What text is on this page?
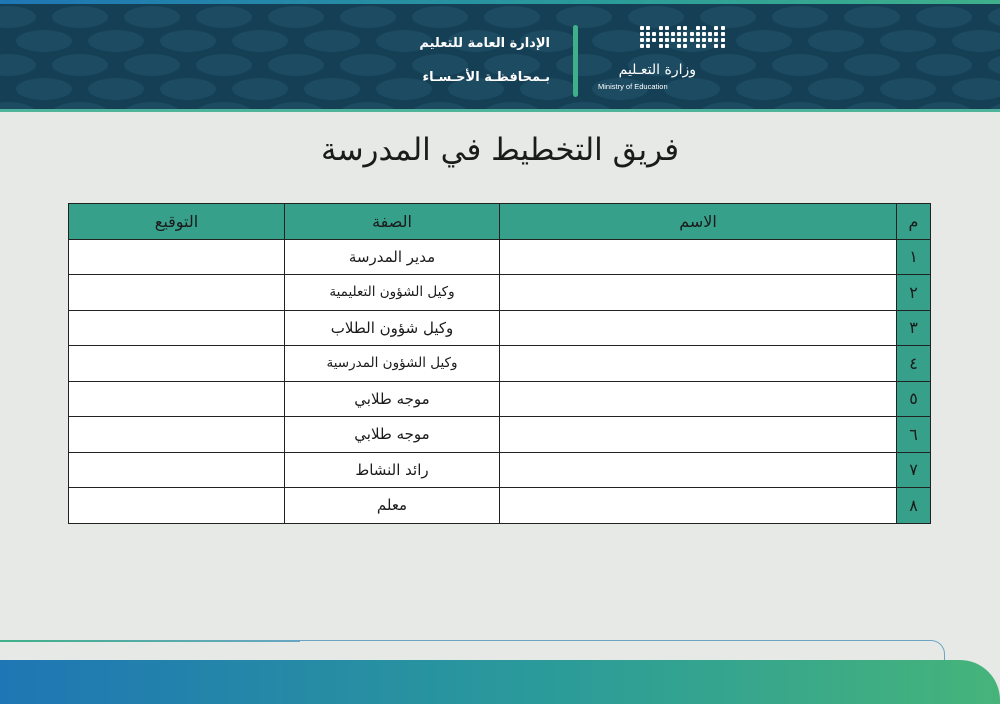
الإدارة العامة للتعليم
بـمحافظـة الأحـسـاء	وزارة التعـليم
Ministry of Education
فريق التخطيط في المدرسة
م	الاسم	الصفة	التوقيع
١		مدير المدرسة	
٢		وكيل الشؤون التعليمية	
٣		وكيل شؤون الطلاب	
٤		وكيل الشؤون المدرسية	
٥		موجه طلابي	
٦		موجه طلابي	
٧		رائد النشاط	
٨		معلم	
